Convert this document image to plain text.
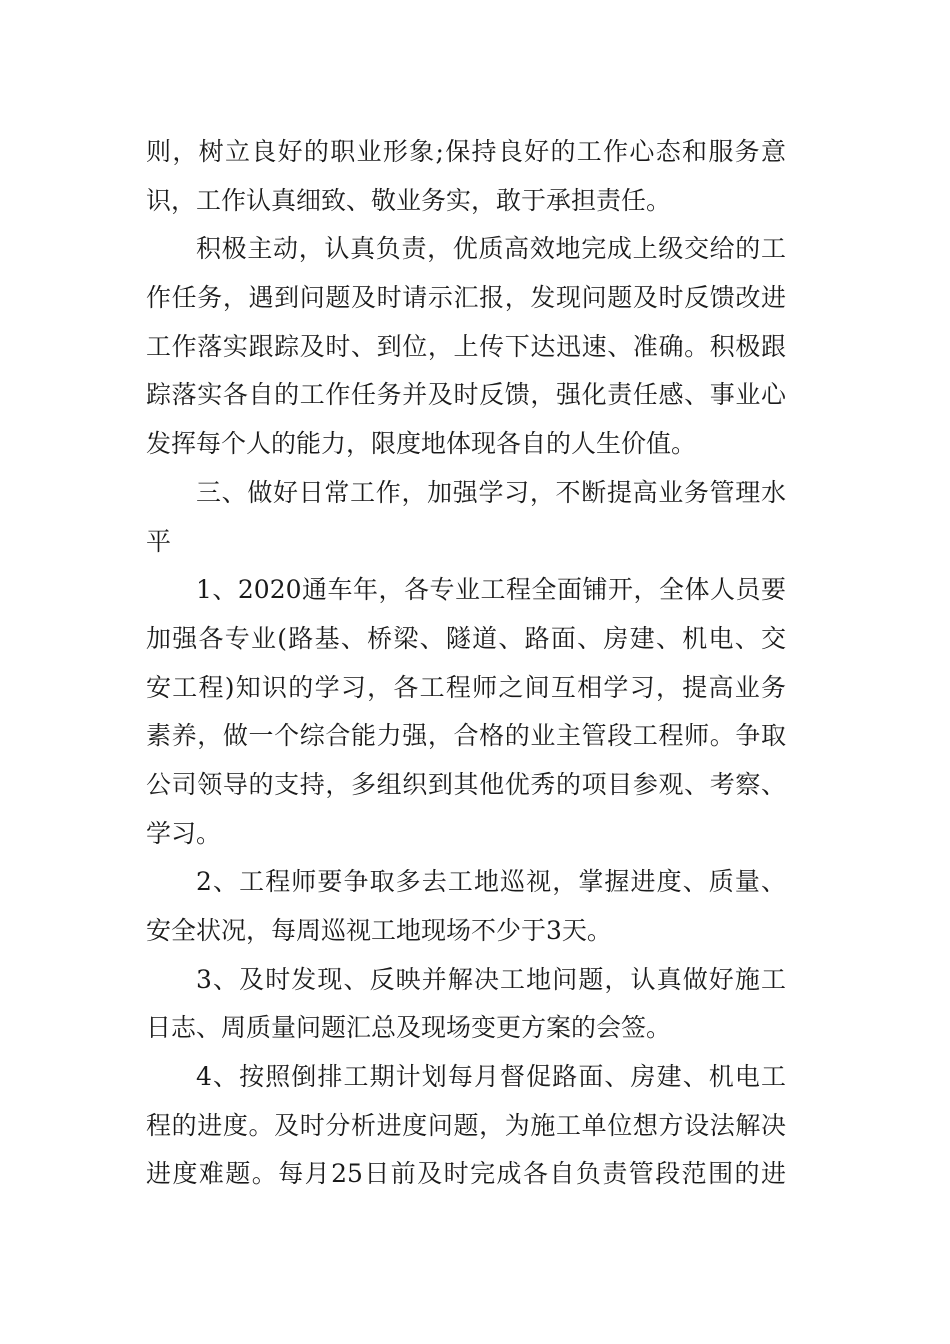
则，树立良好的职业形象;保持良好的工作心态和服务意
识，工作认真细致、敬业务实，敢于承担责任。
积极主动，认真负责，优质高效地完成上级交给的工
作任务，遇到问题及时请示汇报，发现问题及时反馈改进
工作落实跟踪及时、到位，上传下达迅速、准确。积极跟
踪落实各自的工作任务并及时反馈，强化责任感、事业心
发挥每个人的能力，限度地体现各自的人生价值。
三、做好日常工作，加强学习，不断提高业务管理水
平
1、2020通车年，各专业工程全面铺开，全体人员要
加强各专业(路基、桥梁、隧道、路面、房建、机电、交
安工程)知识的学习，各工程师之间互相学习，提高业务
素养，做一个综合能力强，合格的业主管段工程师。争取
公司领导的支持，多组织到其他优秀的项目参观、考察、
学习。
2、工程师要争取多去工地巡视，掌握进度、质量、
安全状况，每周巡视工地现场不少于3天。
3、及时发现、反映并解决工地问题，认真做好施工
日志、周质量问题汇总及现场变更方案的会签。
4、按照倒排工期计划每月督促路面、房建、机电工
程的进度。及时分析进度问题，为施工单位想方设法解决
进度难题。每月25日前及时完成各自负责管段范围的进
